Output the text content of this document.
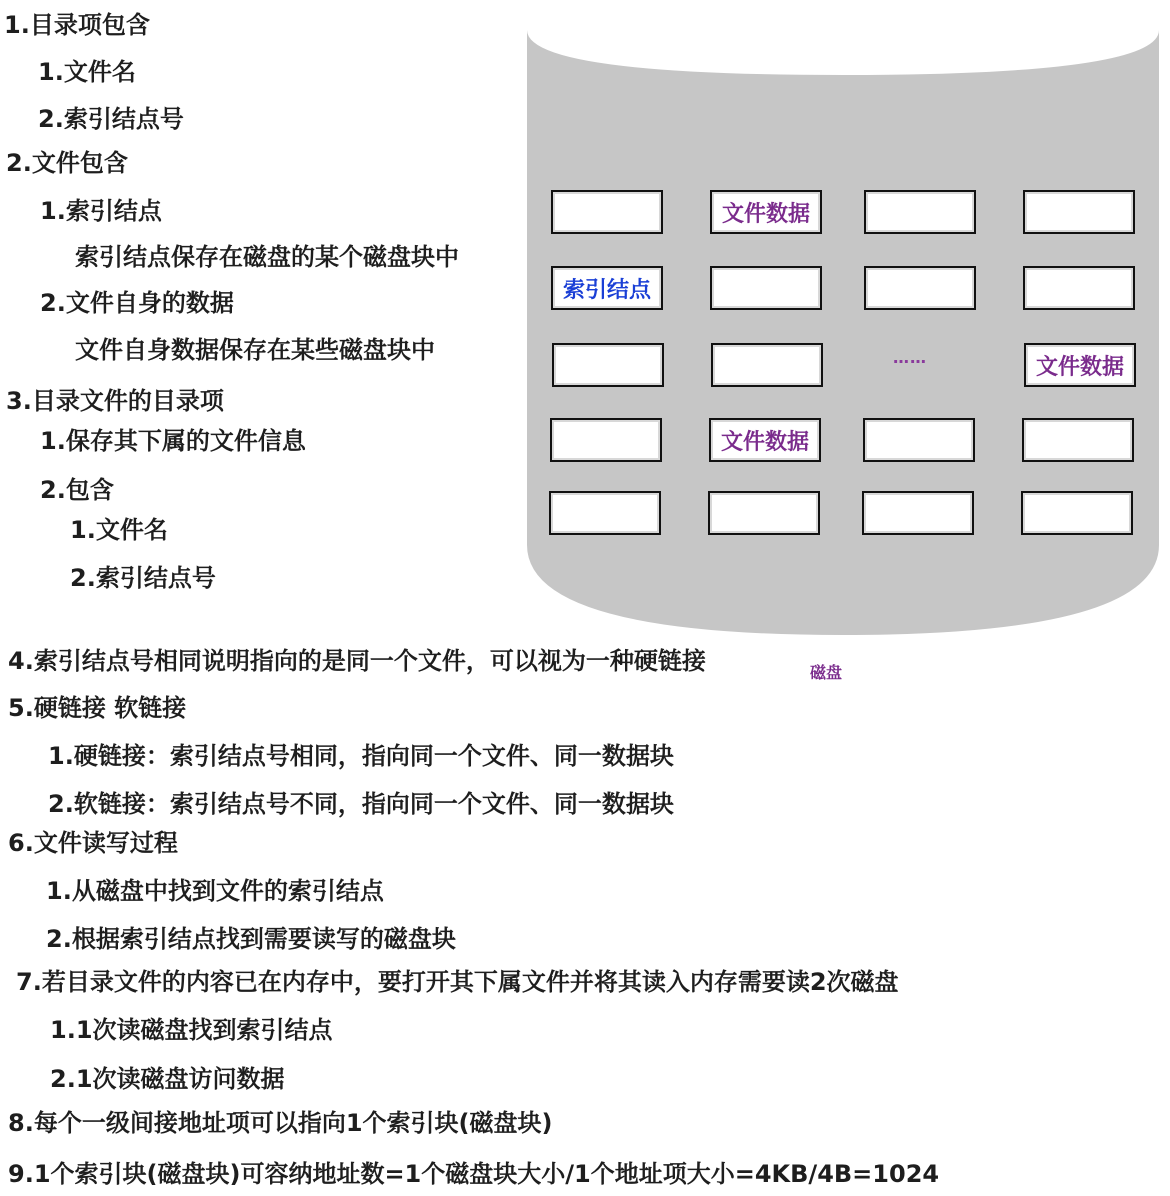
文件数据
索引结点
……	文件数据
文件数据
磁盘
1.目录项包含
1.文件名
2.索引结点号
2.文件包含
1.索引结点
索引结点保存在磁盘的某个磁盘块中
2.文件自身的数据
文件自身数据保存在某些磁盘块中
3.目录文件的目录项
1.保存其下属的文件信息
2.包含
1.文件名
2.索引结点号
4.索引结点号相同说明指向的是同一个文件，可以视为一种硬链接
5.硬链接 软链接
1.硬链接：索引结点号相同，指向同一个文件、同一数据块
2.软链接：索引结点号不同，指向同一个文件、同一数据块
6.文件读写过程
1.从磁盘中找到文件的索引结点
2.根据索引结点找到需要读写的磁盘块
7.若目录文件的内容已在内存中，要打开其下属文件并将其读入内存需要读2次磁盘
1.1次读磁盘找到索引结点
2.1次读磁盘访问数据
8.每个一级间接地址项可以指向1个索引块(磁盘块)
9.1个索引块(磁盘块)可容纳地址数=1个磁盘块大小/1个地址项大小=4KB/4B=1024
